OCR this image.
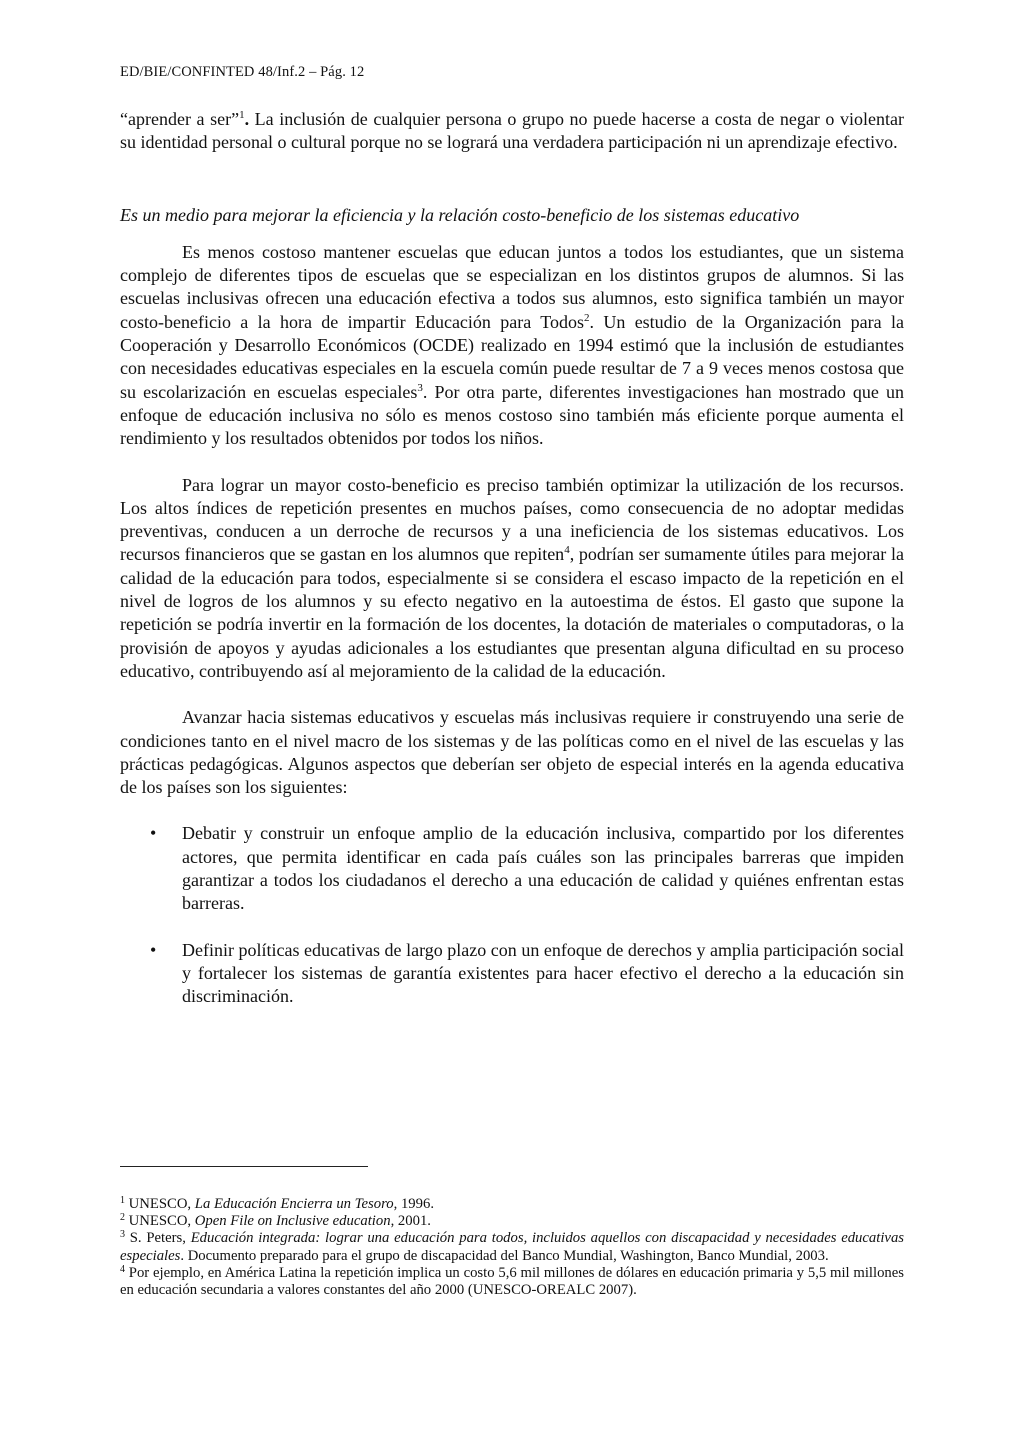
ED/BIE/CONFINTED 48/Inf.2 – Pág. 12

“aprender a ser”$^1$. La inclusión de cualquier persona o grupo no puede hacerse a costa de negar o violentar su identidad personal o cultural porque no se logrará una verdadera participación ni un aprendizaje efectivo.

Es un medio para mejorar la eficiencia y la relación costo-beneficio de los sistemas educativo

Es menos costoso mantener escuelas que educan juntos a todos los estudiantes, que un sistema complejo de diferentes tipos de escuelas que se especializan en los distintos grupos de alumnos. Si las escuelas inclusivas ofrecen una educación efectiva a todos sus alumnos, esto significa también un mayor costo-beneficio a la hora de impartir Educación para Todos$^2$. Un estudio de la Organización para la Cooperación y Desarrollo Económicos (OCDE) realizado en 1994 estimó que la inclusión de estudiantes con necesidades educativas especiales en la escuela común puede resultar de 7 a 9 veces menos costosa que su escolarización en escuelas especiales$^3$. Por otra parte, diferentes investigaciones han mostrado que un enfoque de educación inclusiva no sólo es menos costoso sino también más eficiente porque aumenta el rendimiento y los resultados obtenidos por todos los niños.

Para lograr un mayor costo-beneficio es preciso también optimizar la utilización de los recursos. Los altos índices de repetición presentes en muchos países, como consecuencia de no adoptar medidas preventivas, conducen a un derroche de recursos y a una ineficiencia de los sistemas educativos. Los recursos financieros que se gastan en los alumnos que repiten$^4$, podrían ser sumamente útiles para mejorar la calidad de la educación para todos, especialmente si se considera el escaso impacto de la repetición en el nivel de logros de los alumnos y su efecto negativo en la autoestima de éstos. El gasto que supone la repetición se podría invertir en la formación de los docentes, la dotación de materiales o computadoras, o la provisión de apoyos y ayudas adicionales a los estudiantes que presentan alguna dificultad en su proceso educativo, contribuyendo así al mejoramiento de la calidad de la educación.

Avanzar hacia sistemas educativos y escuelas más inclusivas requiere ir construyendo una serie de condiciones tanto en el nivel macro de los sistemas y de las políticas como en el nivel de las escuelas y las prácticas pedagógicas. Algunos aspectos que deberían ser objeto de especial interés en la agenda educativa de los países son los siguientes:

• Debatir y construir un enfoque amplio de la educación inclusiva, compartido por los diferentes actores, que permita identificar en cada país cuáles son las principales barreras que impiden garantizar a todos los ciudadanos el derecho a una educación de calidad y quiénes enfrentan estas barreras.
• Definir políticas educativas de largo plazo con un enfoque de derechos y amplia participación social y fortalecer los sistemas de garantía existentes para hacer efectivo el derecho a la educación sin discriminación.

$^1$ UNESCO, La Educación Encierra un Tesoro, 1996.

$^2$ UNESCO, Open File on Inclusive education, 2001.

$^3$ S. Peters, Educación integrada: lograr una educación para todos, incluidos aquellos con discapacidad y necesidades educativas especiales. Documento preparado para el grupo de discapacidad del Banco Mundial, Washington, Banco Mundial, 2003.

$^4$ Por ejemplo, en América Latina la repetición implica un costo 5,6 mil millones de dólares en educación primaria y 5,5 mil millones en educación secundaria a valores constantes del año 2000 (UNESCO-OREALC 2007).
